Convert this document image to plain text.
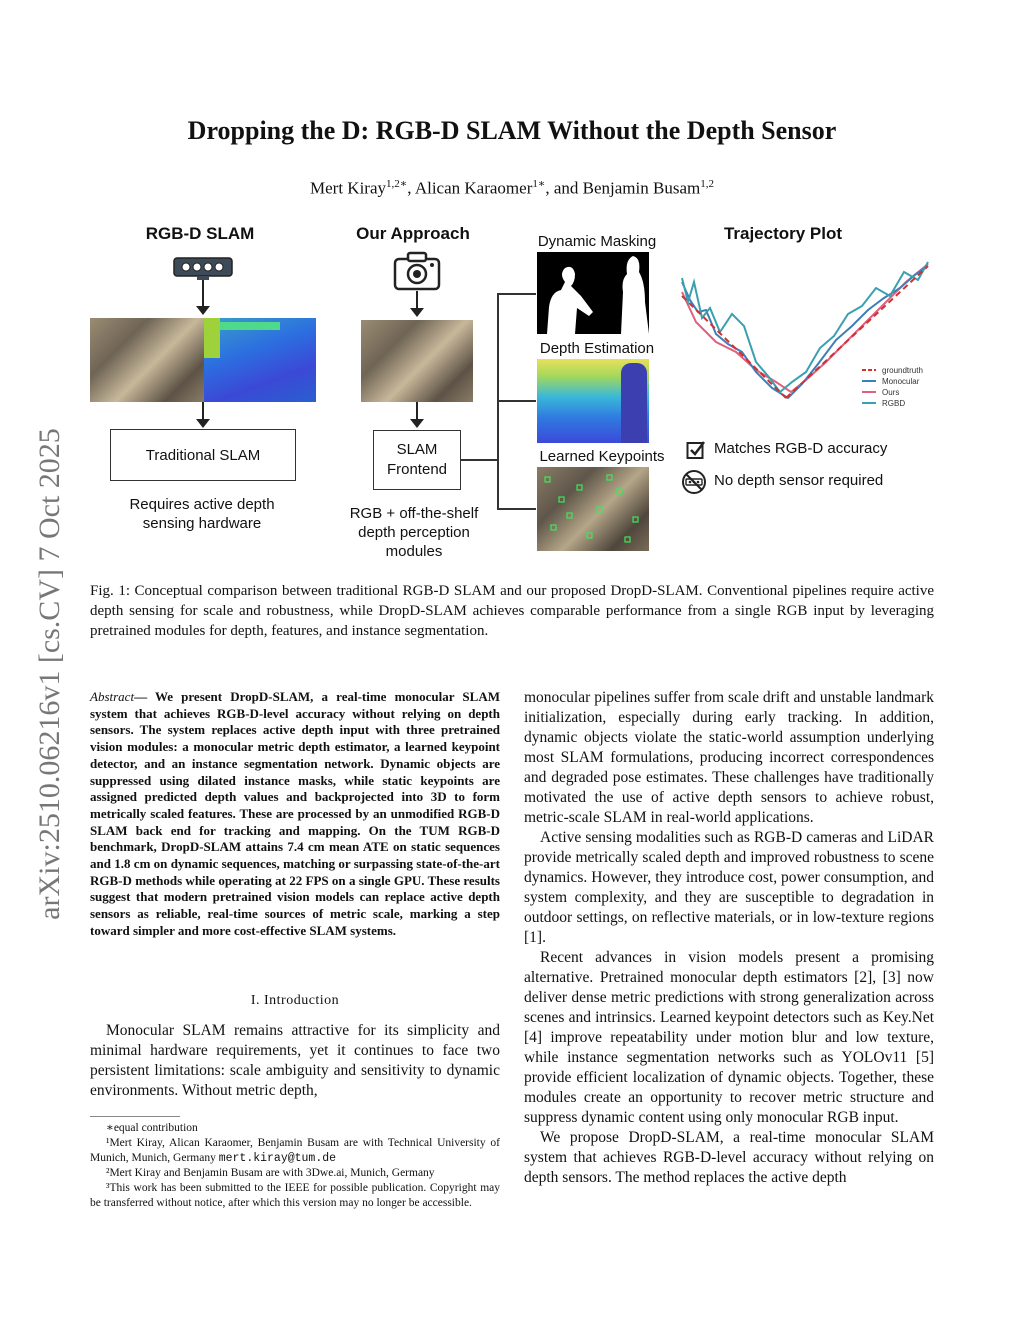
arXiv:2510.06216v1 [cs.CV] 7 Oct 2025
Dropping the D: RGB-D SLAM Without the Depth Sensor
Mert Kiray$^{1,2∗}$, Alican Karaomer$^{1∗}$, and Benjamin Busam$^{1,2}$
RGB-D SLAM	Our Approach	Trajectory Plot
Traditional SLAM
Requires active depth sensing hardware
SLAM
Frontend
RGB + off-the-shelf depth perception modules
Dynamic Masking
Depth Estimation
Learned Keypoints
groundtruth
Monocular
Ours
RGBD
Matches RGB-D accuracy
No depth sensor required
Fig. 1: Conceptual comparison between traditional RGB-D SLAM and our proposed DropD-SLAM. Conventional pipelines require active depth sensing for scale and robustness, while DropD-SLAM achieves comparable performance from a single RGB input by leveraging pretrained modules for depth, features, and instance segmentation.
Abstract— We present DropD-SLAM, a real-time monocular SLAM system that achieves RGB-D-level accuracy without relying on depth sensors. The system replaces active depth input with three pretrained vision modules: a monocular metric depth estimator, a learned keypoint detector, and an instance segmentation network. Dynamic objects are suppressed using dilated instance masks, while static keypoints are assigned predicted depth values and backprojected into 3D to form metrically scaled features. These are processed by an unmodified RGB-D SLAM back end for tracking and mapping. On the TUM RGB-D benchmark, DropD-SLAM attains 7.4 cm mean ATE on static sequences and 1.8 cm on dynamic sequences, matching or surpassing state-of-the-art RGB-D methods while operating at 22 FPS on a single GPU. These results suggest that modern pretrained vision models can replace active depth sensors as reliable, real-time sources of metric scale, marking a step toward simpler and more cost-effective SLAM systems.
I. Introduction
Monocular SLAM remains attractive for its simplicity and minimal hardware requirements, yet it continues to face two persistent limitations: scale ambiguity and sensitivity to dynamic environments. Without metric depth,
∗equal contribution
¹Mert Kiray, Alican Karaomer, Benjamin Busam are with Technical University of Munich, Munich, Germany mert.kiray@tum.de
²Mert Kiray and Benjamin Busam are with 3Dwe.ai, Munich, Germany
³This work has been submitted to the IEEE for possible publication. Copyright may be transferred without notice, after which this version may no longer be accessible.

monocular pipelines suffer from scale drift and unstable landmark initialization, especially during early tracking. In addition, dynamic objects violate the static-world assumption underlying most SLAM formulations, producing incorrect correspondences and degraded pose estimates. These challenges have traditionally motivated the use of active depth sensors to achieve robust, metric-scale SLAM in real-world applications.

Active sensing modalities such as RGB-D cameras and LiDAR provide metrically scaled depth and improved robustness to scene dynamics. However, they introduce cost, power consumption, and system complexity, and they are susceptible to degradation in outdoor settings, on reflective materials, or in low-texture regions [1].

Recent advances in vision models present a promising alternative. Pretrained monocular depth estimators [2], [3] now deliver dense metric predictions with strong generalization across scenes and intrinsics. Learned keypoint detectors such as Key.Net [4] improve repeatability under motion blur and low texture, while instance segmentation networks such as YOLOv11 [5] provide efficient localization of dynamic objects. Together, these modules create an opportunity to recover metric structure and suppress dynamic content using only monocular RGB input.

We propose DropD-SLAM, a real-time monocular SLAM system that achieves RGB-D-level accuracy without relying on depth sensors. The method replaces the active depth
